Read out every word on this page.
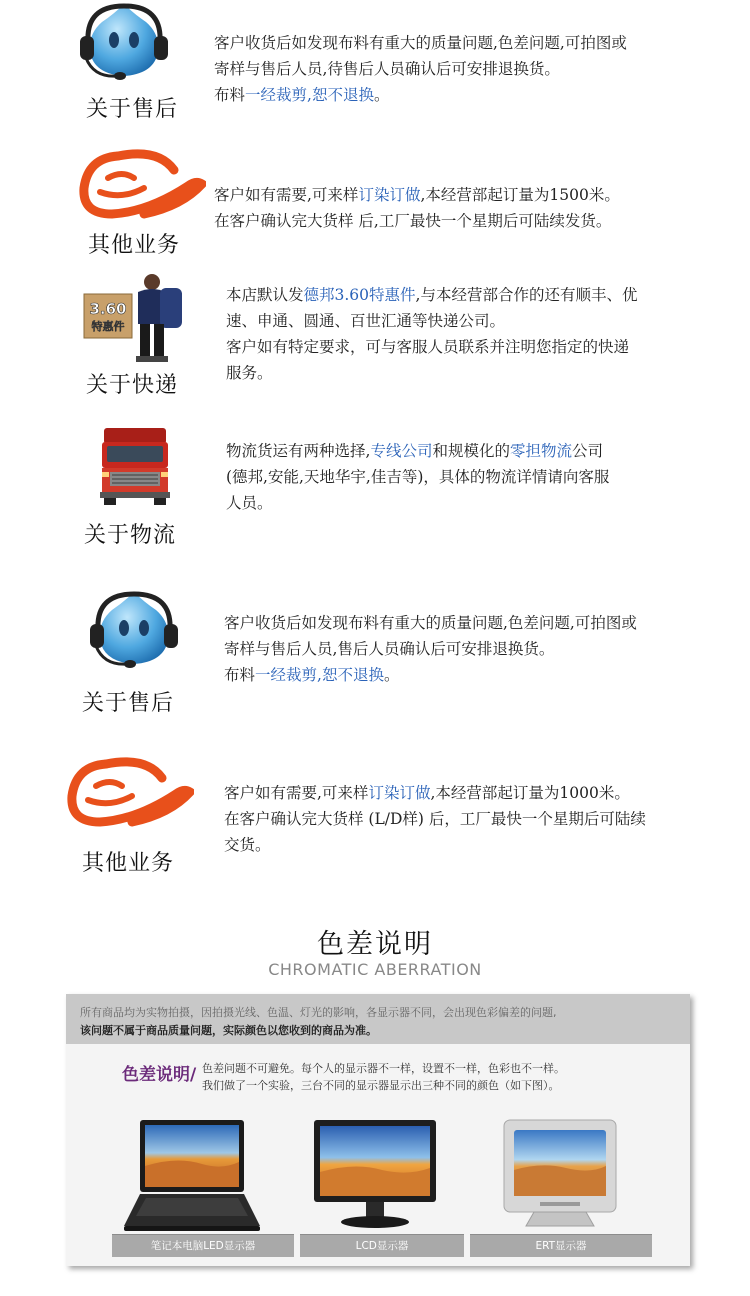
关于售后

客户收货后如发现布料有重大的质量问题,色差问题,可拍图或

寄样与售后人员,待售后人员确认后可安排退换货。

布料一经裁剪,恕不退换。

其他业务

客户如有需要,可来样订染订做,本经营部起订量为1500米。

在客户确认完大货样 后,工厂最快一个星期后可陆续发货。

3.60
特惠件
关于快递

本店默认发德邦3.60特惠件,与本经营部合作的还有顺丰、优

速、申通、圆通、百世汇通等快递公司。

客户如有特定要求，可与客服人员联系并注明您指定的快递

服务。

关于物流

物流货运有两种选择,专线公司和规模化的零担物流公司

(德邦,安能,天地华宇,佳吉等)，具体的物流详情请向客服

人员。

关于售后

客户收货后如发现布料有重大的质量问题,色差问题,可拍图或

寄样与售后人员,售后人员确认后可安排退换货。

布料一经裁剪,恕不退换。

其他业务

客户如有需要,可来样订染订做,本经营部起订量为1000米。

在客户确认完大货样 (L/D样) 后，工厂最快一个星期后可陆续

交货。

色差说明
CHROMATIC ABERRATION

所有商品均为实物拍摄，因拍摄光线、色温、灯光的影响，各显示器不同，会出现色彩偏差的问题,

该问题不属于商品质量问题，实际颜色以您收到的商品为准。

色差说明/ 色差问题不可避免。每个人的显示器不一样，设置不一样，色彩也不一样。

我们做了一个实验，三台不同的显示器显示出三种不同的颜色（如下图）。

笔记本电脑LED显示器	LCD显示器	ERT显示器
